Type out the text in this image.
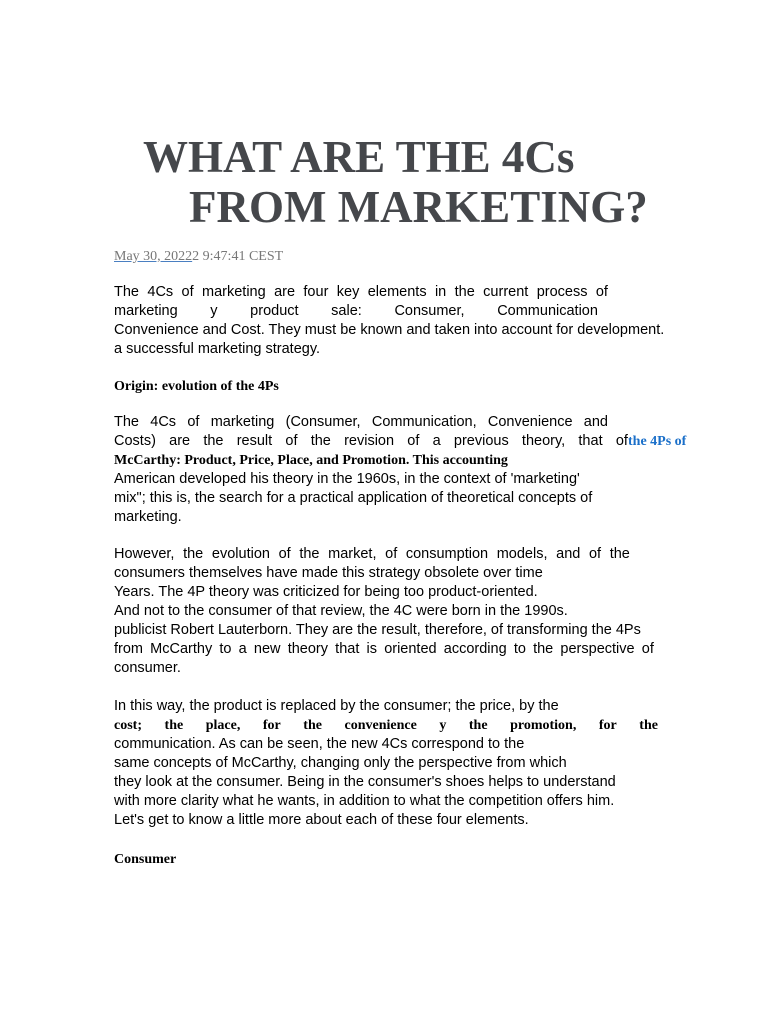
WHAT ARE THE 4Cs
FROM MARKETING?
May 30, 20222 9:47:41 CEST
The 4Cs of marketing are four key elements in the current process of
marketing y product sale: Consumer, Communication

Convenience and Cost. They must be known and taken into account for development.

a successful marketing strategy.

Origin: evolution of the 4Ps
The 4Cs of marketing (Consumer, Communication, Convenience and
Costs) are the result of the revision of a previous theory, that of the 4Ps of

McCarthy: Product, Price, Place, and Promotion. This accounting

American developed his theory in the 1960s, in the context of 'marketing'

mix"; this is, the search for a practical application of theoretical concepts of

marketing.

However, the evolution of the market, of consumption models, and of the

consumers themselves have made this strategy obsolete over time

Years. The 4P theory was criticized for being too product-oriented.

And not to the consumer of that review, the 4C were born in the 1990s.

publicist Robert Lauterborn. They are the result, therefore, of transforming the 4Ps

from McCarthy to a new theory that is oriented according to the perspective of

consumer.

In this way, the product is replaced by the consumer; the price, by the

cost; the place, for the convenience y the promotion, for the

communication. As can be seen, the new 4Cs correspond to the

same concepts of McCarthy, changing only the perspective from which

they look at the consumer. Being in the consumer's shoes helps to understand

with more clarity what he wants, in addition to what the competition offers him.

Let's get to know a little more about each of these four elements.

Consumer
